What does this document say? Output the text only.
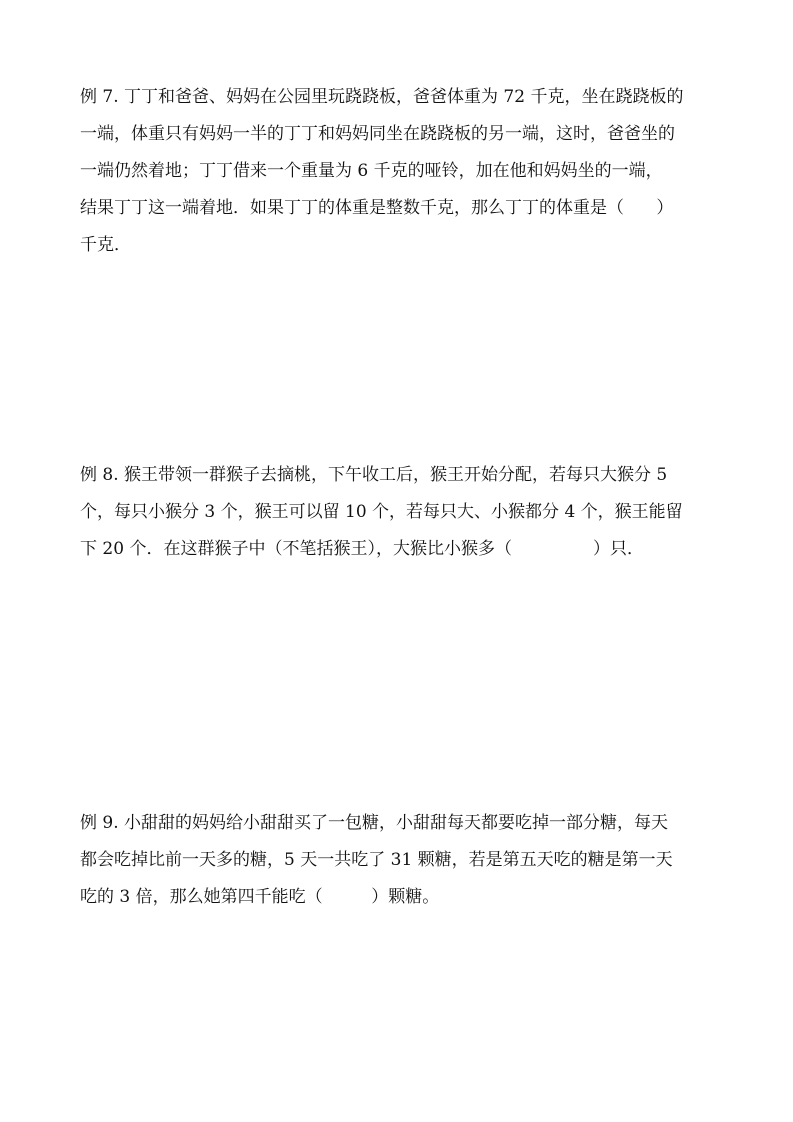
例 7. 丁丁和爸爸、妈妈在公园里玩跷跷板，爸爸体重为 72 千克，坐在跷跷板的
一端，体重只有妈妈一半的丁丁和妈妈同坐在跷跷板的另一端，这时，爸爸坐的
一端仍然着地；丁丁借来一个重量为 6 千克的哑铃，加在他和妈妈坐的一端，
结果丁丁这一端着地．如果丁丁的体重是整数千克，那么丁丁的体重是（      ）
千克．
例 8. 猴王带领一群猴子去摘桃，下午收工后，猴王开始分配，若每只大猴分 5
个，每只小猴分 3 个，猴王可以留 10 个，若每只大、小猴都分 4 个，猴王能留
下 20 个．在这群猴子中（不笔括猴王），大猴比小猴多（               ）只．
例 9. 小甜甜的妈妈给小甜甜买了一包糖，小甜甜每天都要吃掉一部分糖，每天
都会吃掉比前一天多的糖，5 天一共吃了 31 颗糖，若是第五天吃的糖是第一天
吃的 3 倍，那么她第四千能吃（         ）颗糖。
